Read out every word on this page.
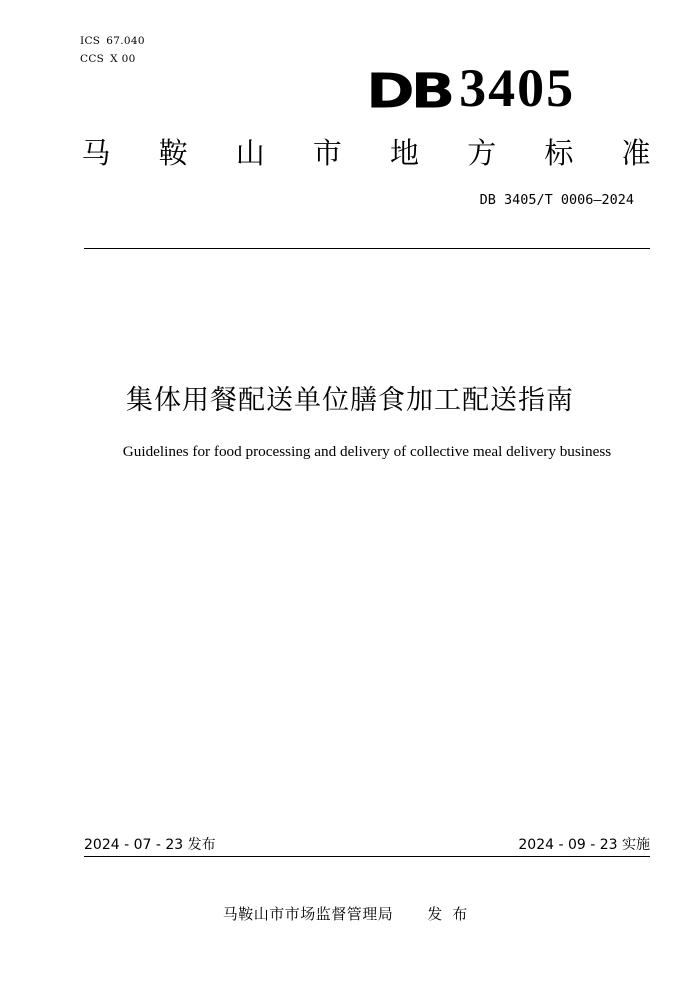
ICS 67.040
CCS X 00
DB 3405
马 鞍 山 市 地 方 标 准
DB 3405/T 0006—2024
集体用餐配送单位膳食加工配送指南
Guidelines for food processing and delivery of collective meal delivery business
2024 - 07 - 23 发布	2024 - 09 - 23 实施
马鞍山市市场监督管理局 发布
